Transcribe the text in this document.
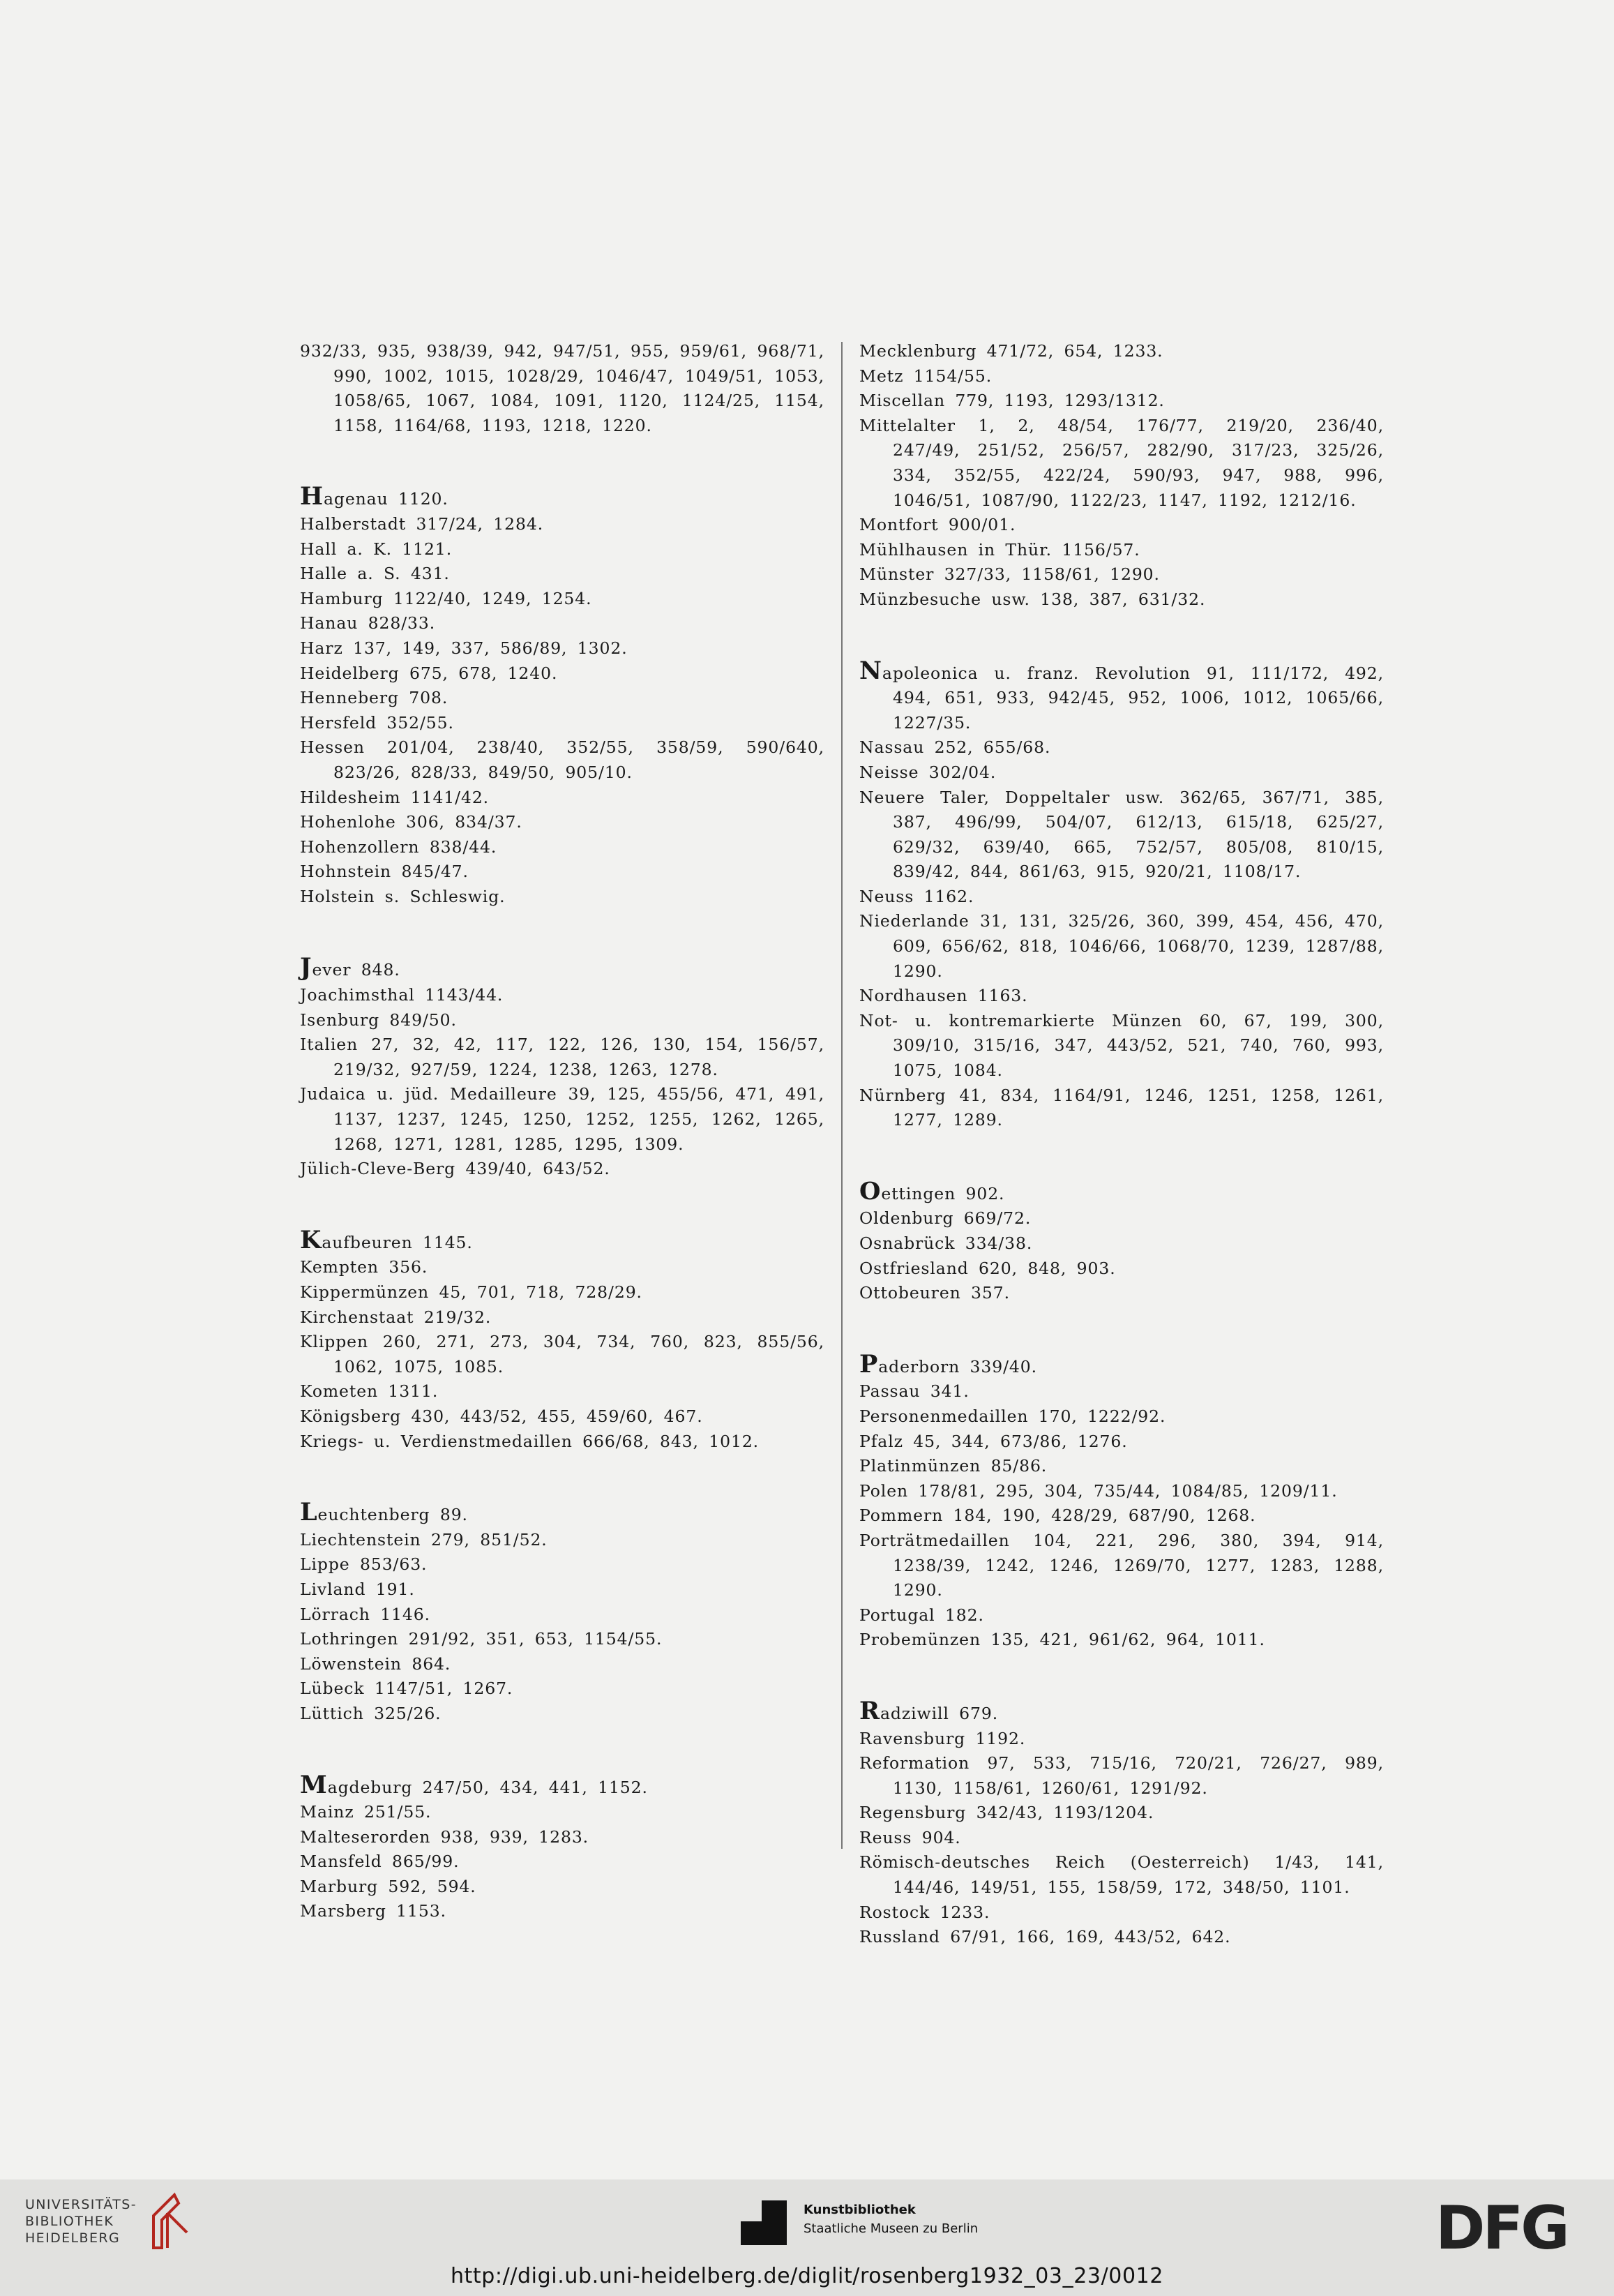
932/33, 935, 938/39, 942, 947/51, 955, 959/61, 968/71, 990, 1002, 1015, 1028/29, 1046/47, 1049/51, 1053, 1058/65, 1067, 1084, 1091, 1120, 1124/25, 1154, 1158, 1164/68, 1193, 1218, 1220.
Hagenau 1120.
Halberstadt 317/24, 1284.
Hall a. K. 1121.
Halle a. S. 431.
Hamburg 1122/40, 1249, 1254.
Hanau 828/33.
Harz 137, 149, 337, 586/89, 1302.
Heidelberg 675, 678, 1240.
Henneberg 708.
Hersfeld 352/55.
Hessen 201/04, 238/40, 352/55, 358/59, 590/640, 823/26, 828/33, 849/50, 905/10.
Hildesheim 1141/42.
Hohenlohe 306, 834/37.
Hohenzollern 838/44.
Hohnstein 845/47.
Holstein s. Schleswig.
Jever 848.
Joachimsthal 1143/44.
Isenburg 849/50.
Italien 27, 32, 42, 117, 122, 126, 130, 154, 156/57, 219/32, 927/59, 1224, 1238, 1263, 1278.
Judaica u. jüd. Medailleure 39, 125, 455/56, 471, 491, 1137, 1237, 1245, 1250, 1252, 1255, 1262, 1265, 1268, 1271, 1281, 1285, 1295, 1309.
Jülich-Cleve-Berg 439/40, 643/52.
Kaufbeuren 1145.
Kempten 356.
Kippermünzen 45, 701, 718, 728/29.
Kirchenstaat 219/32.
Klippen 260, 271, 273, 304, 734, 760, 823, 855/56, 1062, 1075, 1085.
Kometen 1311.
Königsberg 430, 443/52, 455, 459/60, 467.
Kriegs- u. Verdienstmedaillen 666/68, 843, 1012.
Leuchtenberg 89.
Liechtenstein 279, 851/52.
Lippe 853/63.
Livland 191.
Lörrach 1146.
Lothringen 291/92, 351, 653, 1154/55.
Löwenstein 864.
Lübeck 1147/51, 1267.
Lüttich 325/26.
Magdeburg 247/50, 434, 441, 1152.
Mainz 251/55.
Malteserorden 938, 939, 1283.
Mansfeld 865/99.
Marburg 592, 594.
Marsberg 1153.
Mecklenburg 471/72, 654, 1233.
Metz 1154/55.
Miscellan 779, 1193, 1293/1312.
Mittelalter 1, 2, 48/54, 176/77, 219/20, 236/40, 247/49, 251/52, 256/57, 282/90, 317/23, 325/26, 334, 352/55, 422/24, 590/93, 947, 988, 996, 1046/51, 1087/90, 1122/23, 1147, 1192, 1212/16.
Montfort 900/01.
Mühlhausen in Thür. 1156/57.
Münster 327/33, 1158/61, 1290.
Münzbesuche usw. 138, 387, 631/32.
Napoleonica u. franz. Revolution 91, 111/172, 492, 494, 651, 933, 942/45, 952, 1006, 1012, 1065/66, 1227/35.
Nassau 252, 655/68.
Neisse 302/04.
Neuere Taler, Doppeltaler usw. 362/65, 367/71, 385, 387, 496/99, 504/07, 612/13, 615/18, 625/27, 629/32, 639/40, 665, 752/57, 805/08, 810/15, 839/42, 844, 861/63, 915, 920/21, 1108/17.
Neuss 1162.
Niederlande 31, 131, 325/26, 360, 399, 454, 456, 470, 609, 656/62, 818, 1046/66, 1068/70, 1239, 1287/88, 1290.
Nordhausen 1163.
Not- u. kontremarkierte Münzen 60, 67, 199, 300, 309/10, 315/16, 347, 443/52, 521, 740, 760, 993, 1075, 1084.
Nürnberg 41, 834, 1164/91, 1246, 1251, 1258, 1261, 1277, 1289.
Oettingen 902.
Oldenburg 669/72.
Osnabrück 334/38.
Ostfriesland 620, 848, 903.
Ottobeuren 357.
Paderborn 339/40.
Passau 341.
Personenmedaillen 170, 1222/92.
Pfalz 45, 344, 673/86, 1276.
Platinmünzen 85/86.
Polen 178/81, 295, 304, 735/44, 1084/85, 1209/11.
Pommern 184, 190, 428/29, 687/90, 1268.
Porträtmedaillen 104, 221, 296, 380, 394, 914, 1238/39, 1242, 1246, 1269/70, 1277, 1283, 1288, 1290.
Portugal 182.
Probemünzen 135, 421, 961/62, 964, 1011.
Radziwill 679.
Ravensburg 1192.
Reformation 97, 533, 715/16, 720/21, 726/27, 989, 1130, 1158/61, 1260/61, 1291/92.
Regensburg 342/43, 1193/1204.
Reuss 904.
Römisch-deutsches Reich (Oesterreich) 1/43, 141, 144/46, 149/51, 155, 158/59, 172, 348/50, 1101.
Rostock 1233.
Russland 67/91, 166, 169, 443/52, 642.
UNIVERSITÄTS-
BIBLIOTHEK
HEIDELBERG
Kunstbibliothek
Staatliche Museen zu Berlin	DFG
http://digi.ub.uni-heidelberg.de/diglit/rosenberg1932_03_23/0012
